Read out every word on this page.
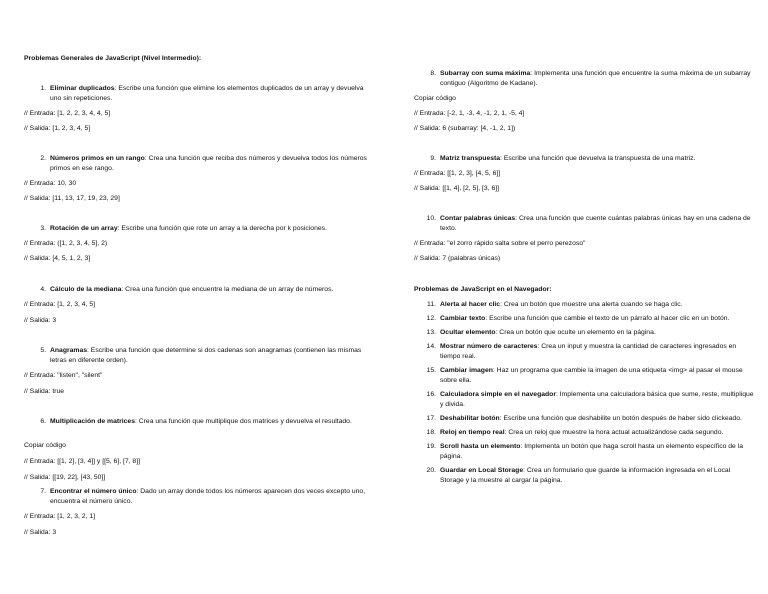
Problemas Generales de JavaScript (Nivel Intermedio):
1. Eliminar duplicados: Escribe una función que elimine los elementos duplicados de un array y devuelva uno sin repeticiones.
// Entrada: [1, 2, 2, 3, 4, 4, 5]
// Salida: [1, 2, 3, 4, 5]
2. Números primos en un rango: Crea una función que reciba dos números y devuelva todos los números primos en ese rango.
// Entrada: 10, 30
// Salida: [11, 13, 17, 19, 23, 29]
3. Rotación de un array: Escribe una función que rote un array a la derecha por k posiciones.
// Entrada: ([1, 2, 3, 4, 5], 2)
// Salida: [4, 5, 1, 2, 3]
4. Cálculo de la mediana: Crea una función que encuentre la mediana de un array de números.
// Entrada: [1, 2, 3, 4, 5]
// Salida: 3
5. Anagramas: Escribe una función que determine si dos cadenas son anagramas (contienen las mismas letras en diferente orden).
// Entrada: "listen", "silent"
// Salida: true
6. Multiplicación de matrices: Crea una función que multiplique dos matrices y devuelva el resultado.
Copiar código
// Entrada: [[1, 2], [3, 4]] y [[5, 6], [7, 8]]
// Salida: [[19, 22], [43, 50]]
7. Encontrar el número único: Dado un array donde todos los números aparecen dos veces excepto uno, encuentra el número único.
// Entrada: [1, 2, 3, 2, 1]
// Salida: 3
8. Subarray con suma máxima: Implementa una función que encuentre la suma máxima de un subarray contiguo (Algoritmo de Kadane).
Copiar código
// Entrada: [-2, 1, -3, 4, -1, 2, 1, -5, 4]
// Salida: 6 (subarray: [4, -1, 2, 1])
9. Matriz transpuesta: Escribe una función que devuelva la transpuesta de una matriz.
// Entrada: [[1, 2, 3], [4, 5, 6]]
// Salida: [[1, 4], [2, 5], [3, 6]]
10. Contar palabras únicas: Crea una función que cuente cuántas palabras únicas hay en una cadena de texto.
// Entrada: "el zorro rápido salta sobre el perro perezoso"
// Salida: 7 (palabras únicas)
Problemas de JavaScript en el Navegador:
11. Alerta al hacer clic: Crea un botón que muestre una alerta cuando se haga clic.
12. Cambiar texto: Escribe una función que cambie el texto de un párrafo al hacer clic en un botón.
13. Ocultar elemento: Crea un botón que oculte un elemento en la página.
14. Mostrar número de caracteres: Crea un input y muestra la cantidad de caracteres ingresados en tiempo real.
15. Cambiar imagen: Haz un programa que cambie la imagen de una etiqueta <img> al pasar el mouse sobre ella.
16. Calculadora simple en el navegador: Implementa una calculadora básica que sume, reste, multiplique y divida.
17. Deshabilitar botón: Escribe una función que deshabilite un botón después de haber sido clickeado.
18. Reloj en tiempo real: Crea un reloj que muestre la hora actual actualizándose cada segundo.
19. Scroll hasta un elemento: Implementa un botón que haga scroll hasta un elemento específico de la página.
20. Guardar en Local Storage: Crea un formulario que guarde la información ingresada en el Local Storage y la muestre al cargar la página.
